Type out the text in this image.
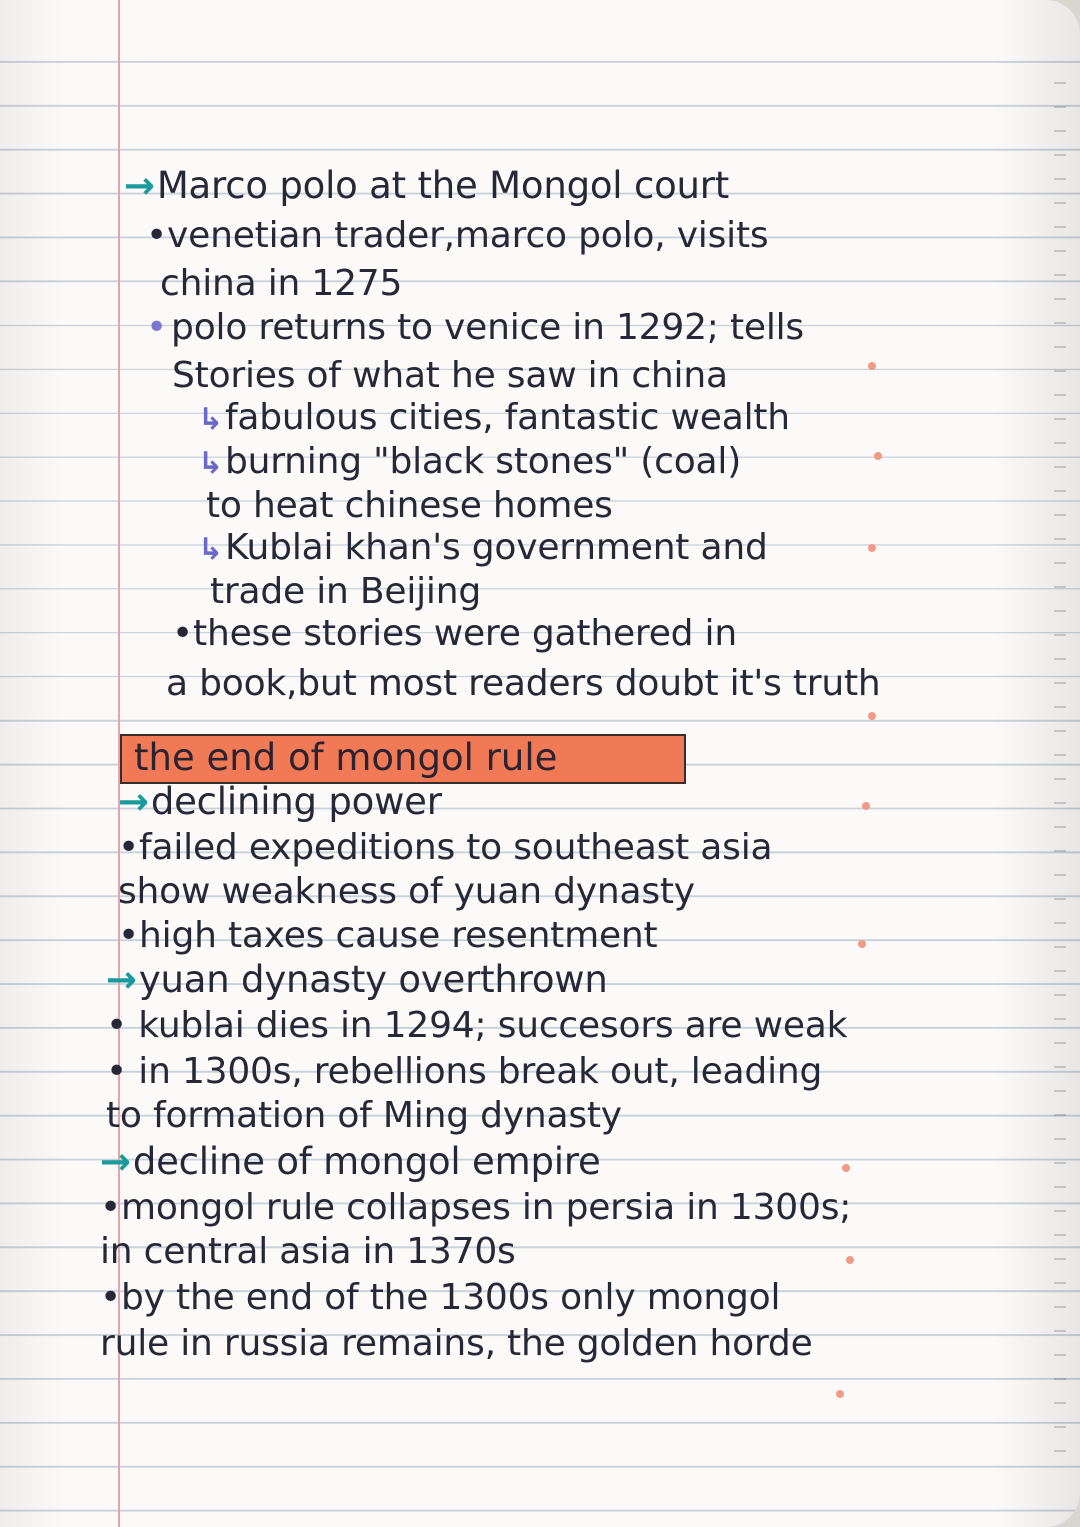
→Marco polo at the Mongol court
•venetian trader,marco polo, visits
china in 1275
• polo returns to venice in 1292; tells
Stories of what he saw in china
↳fabulous cities, fantastic wealth
↳burning "black stones" (coal)
to heat chinese homes
↳Kublai khan's government and
trade in Beijing
•these stories were gathered in
a book,but most readers doubt it's truth
the end of mongol rule
→declining power
•failed expeditions to southeast asia
show weakness of yuan dynasty
•high taxes cause resentment
→yuan dynasty overthrown
• kublai dies in 1294; succesors are weak
• in 1300s, rebellions break out, leading
to formation of Ming dynasty
→decline of mongol empire
•mongol rule collapses in persia in 1300s;
in central asia in 1370s
•by the end of the 1300s only mongol
rule in russia remains, the golden horde
